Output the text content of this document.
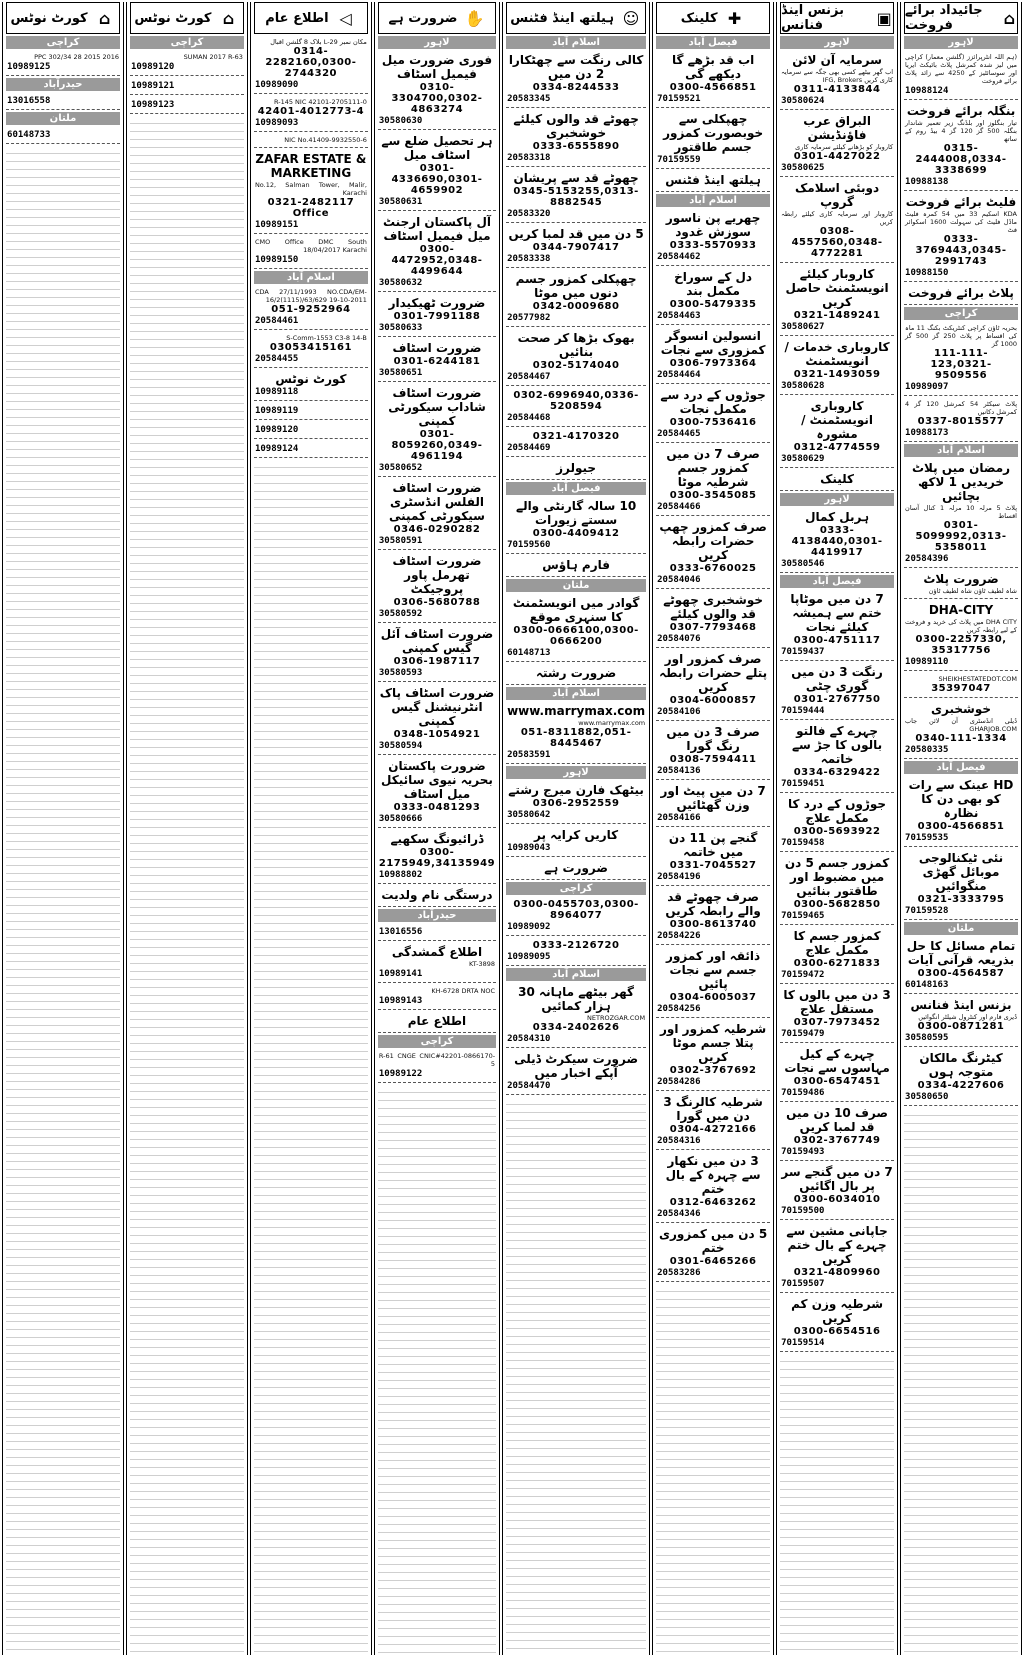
جائیداد برائے فروخت	⌂
لاہور
(ہم اللہ انٹرپرائزز (گلشن معمار) کراچی میں لیز شدہ کمرشل پلاٹ بائیکٹ ایریا اور سوسائٹیز کے 4250 سے زائد پلاٹ برائے فروخت
10988124
بنگلہ برائے فروخت
تیار بنگلوز اور بلڈنگ زیر تعمیر شاندار بنگلہ 500 گز 120 گز 4 بیڈ روم کے ساتھ
0315-2444008,0334-3338699
10988138
فلیٹ برائے فروخت
KDA اسکیم 33 میں 54 کمرہ فلیٹ ماڈل فلیٹ کی سہولت 1600 اسکوائر فٹ
0333-3769443,0345-2991743
10988150
پلاٹ برائے فروخت
کراچی
بحریہ ٹاؤن کراچی کنٹریکٹ بکنگ 11 ماہ کی اقساط پر پلاٹ 250 گز 500 گز 1000 گز
111-111-123,0321-9509556
10989097
پلاٹ سیکٹر 54 کمرشل 120 گز 4 کمرشل دکانیں
0337-8015577
10988173
اسلام آباد
رمضان میں پلاٹ خریدیں 1 لاکھ بچائیں
پلاٹ 5 مرلہ 10 مرلہ 1 کنال آسان اقساط
0301-5099992,0313-5358011
20584396
ضرورت پلاٹ
شاہ لطیف ٹاؤن شاہ لطیف ٹاؤن
DHA-CITY
DHA CITY میں پلاٹ کی خرید و فروخت کے لیے رابطہ کریں
0300-2257330, 35317756
10989110
SHEIKHESTATEDOT.COM
35397047
خوشخبری
ڈیلی انڈسٹری آن لائن جاب GHARJOB.COM
0340-111-1334
20580335
فیصل آباد
HD عینک سے رات کو بھی دن کا نظارہ
0300-4566851
70159535
نئی ٹیکنالوجی موبائل گھڑی منگوائیں
0321-3333795
70159528
ملتان
تمام مسائل کا حل بذریعہ قرآنی آیات
0300-4564587
60148163
بزنس اینڈ فنانس
ڈیری فارم اور کنٹرول شیلٹر انگوائیں
0300-0871281
30580595
کیٹرنگ مالکان متوجہ ہوں
0334-4227606
30580650
بزنس اینڈ فنانس	▣
لاہور
سرمایہ آن لائن
اب گھر بیٹھے کسی بھی جگہ سے سرمایہ کاری کریں IFG, Brokers
0311-4133844
30580624
البراق عرب فاؤنڈیشن
کاروبار کو بڑھانے کیلئے سرمایہ کاری
0301-4427022
30580625
دوبئی اسلامک گروپ
کاروبار اور سرمایہ کاری کیلئے رابطہ کریں
0308-4557560,0348-4772281
کاروبار کیلئے انویسٹمنٹ حاصل کریں
0321-1489241
30580627
کاروباری خدمات / انویسٹمنٹ
0321-1493059
30580628
کاروباری انویسٹمنٹ / مشورہ
0312-4774559
30580629
کلینک
لاہور
ہربل کمال
0333-4138440,0301-4419917
30580546
فیصل آباد
7 دن میں موٹاپا ختم سے ہمیشہ کیلئے نجات
0300-4751117
70159437
رنگت 3 دن میں گوری چٹی
0301-2767750
70159444
چہرے کے فالتو بالوں کا جڑ سے خاتمہ
0334-6329422
70159451
جوڑوں کے درد کا مکمل علاج
0300-5693922
70159458
کمزور جسم 5 دن میں مضبوط اور طاقتور بنائیں
0300-5682850
70159465
کمزور جسم کا مکمل علاج
0300-6271833
70159472
3 دن میں بالوں کا مستقل علاج
0307-7973452
70159479
چہرے کے کیل مہاسوں سے نجات
0300-6547451
70159486
صرف 10 دن میں قد لمبا کریں
0302-3767749
70159493
7 دن میں گنجے سر پر بال اگائیں
0300-6034010
70159500
جاپانی مشین سے چہرے کے بال ختم کریں
0321-4809960
70159507
شرطیہ وزن کم کریں
0300-6654516
70159514
کلینک ✚
فیصل آباد
اب قد بڑھے گا دیکھے گی
0300-4566851
70159521
چھپکلی سے خوبصورت کمزور جسم طاقتور
70159559
ہیلتھ اینڈ فٹنس
اسلام آباد
چھریے پن ناسور سوزش غدود
0333-5570933
20584462
دل کے سوراخ مکمل بند
0300-5479335
20584463
انسولین انسوگر کمزوری سے نجات
0306-7973364
20584464
جوڑوں کے درد سے مکمل نجات
0300-7536416
20584465
صرف 7 دن میں کمزور جسم شرطیہ موٹا
0300-3545085
20584466
صرف کمزور چھپ حضرات رابطہ کریں
0333-6760025
20584046
خوشخبری چھوٹے قد والوں کیلئے
0307-7793468
20584076
صرف کمزور اور پتلے حضرات رابطہ کریں
0304-6000857
20584106
صرف 3 دن میں رنگ گورا
0308-7594411
20584136
7 دن میں پیٹ اور وزن گھٹائیں
20584166
گنجے پن 11 دن میں خاتمہ
0331-7045527
20584196
صرف چھوٹے قد والے رابطہ کریں
0300-8613740
20584226
ذائقہ اور کمزور جسم سے نجات پائیں
0304-6005037
20584256
شرطیہ کمزور اور پتلا جسم موٹا کریں
0302-3767692
20584286
شرطیہ کالرنگ 3 دن میں گورا
0304-4272166
20584316
3 دن میں نکھار سے چہرہ کے بال ختم
0312-6463262
20584346
5 دن میں کمزوری ختم
0301-6465266
20583286
ہیلتھ اینڈ فٹنس ☺
اسلام آباد
کالی رنگت سے چھٹکارا 2 دن میں
0334-8244533
20583345
چھوٹے قد والوں کیلئے خوشخبری
0333-6555890
20583318
چھوٹے قد سے پریشان
0345-5153255,0313-8882545
20583320
5 دن میں قد لمبا کریں
0344-7907417
20583338
چھپکلی کمزور جسم دنوں میں موٹا
0342-0009680
20577982
بھوک بڑھا کر صحت بنائیں
0302-5174040
20584467
0302-6996940,0336-5208594
20584468
0321-4170320
20584469
جیولرز
فیصل آباد
10 سالہ گارنٹی والے سستے زیورات
0300-4409412
70159560
فارم ہاؤس
ملتان
گوادر میں انویسٹمنٹ کا سنہری موقع
0300-0666100,0300-0666200
60148713
ضرورت رشتہ
اسلام آباد
www.marrymax.com
www.marrymax.com
051-8311882,051-8445467
20583591
لاہور
بیٹھک فارن میرج رشتے
0306-2952559
30580642
کاریں کرایہ پر
10989043
ضرورت ہے
کراچی
0300-0455703,0300-8964077
10989092
0333-2126720
10989095
اسلام آباد
گھر بیٹھے ماہانہ 30 ہزار کمائیں
NETROZGAR.COM
0334-2402626
20584310
ضرورت سیکرٹ ڈیلی آپکے اخبار میں
20584470
ضرورت ہے ✋
لاہور
فوری ضرورت میل فیمیل اسٹاف
0310-3304700,0302-4863274
30580630
ہر تحصیل ضلع سے اسٹاف میل
0301-4336690,0301-4659902
30580631
آل پاکستان ارجنٹ میل فیمیل اسٹاف
0300-4472952,0348-4499644
30580632
ضرورت ٹھیکیدار
0301-7991188
30580633
ضرورت اسٹاف
0301-6244181
30580651
ضرورت اسٹاف شاداب سیکورٹی کمپنی
0301-8059260,0349-4961194
30580652
ضرورت اسٹاف الفلس انڈسٹری سیکورٹی کمپنی
0346-0290282
30580591
ضرورت اسٹاف تھرمل پاور پروجیکٹ
0306-5680788
30580592
ضرورت اسٹاف آئل گیس کمپنی
0306-1987117
30580593
ضرورت اسٹاف پاک انٹرنیشنل گیس کمپنی
0348-1054921
30580594
ضرورت پاکستان بحریہ نیوی سائیکل میل اسٹاف
0333-0481293
30580666
ڈرائیونگ سکھیے
0300-2175949,34135949
10988802
درستگی نام ولدیت
حیدرآباد
13016556
اطلاع گمشدگی
KT-3898
10989141
KH-6728 DRTA NOC
10989143
اطلاع عام
کراچی
R-61 CNGE CNIC#42201-0866170-5
10989122
اطلاع عام ◁
مکان نمبر L-29 بلاک 8 گلشن اقبال
0314-2282160,0300-2744320
10989090
R-145 NIC 42101-2705111-0
42401-4012773-4
10989093
NIC No.41409-9932550-6
ZAFAR ESTATE & MARKETING
No.12, Salman Tower, Malir, Karachi
0321-2482117 Office
10989151
CMO Office DMC South 18/04/2017 Karachi
10989150
اسلام آباد
CDA 27/11/1993 NO.CDA/EM-16/2(1115)/63/629 19-10-2011
051-9252964
20584461
S-Comm-1553 C3-8 14-B
03053415161
20584455
کورٹ نوٹس
10989118
10989119
10989120
10989124
کورٹ نوٹس ⌂
کراچی
SUMAN 2017 R-63
10989120
10989121
10989123
کورٹ نوٹس ⌂
کراچی
2016 2015 PPC 302/34 28
10989125
حیدرآباد
13016558
ملتان
60148733
